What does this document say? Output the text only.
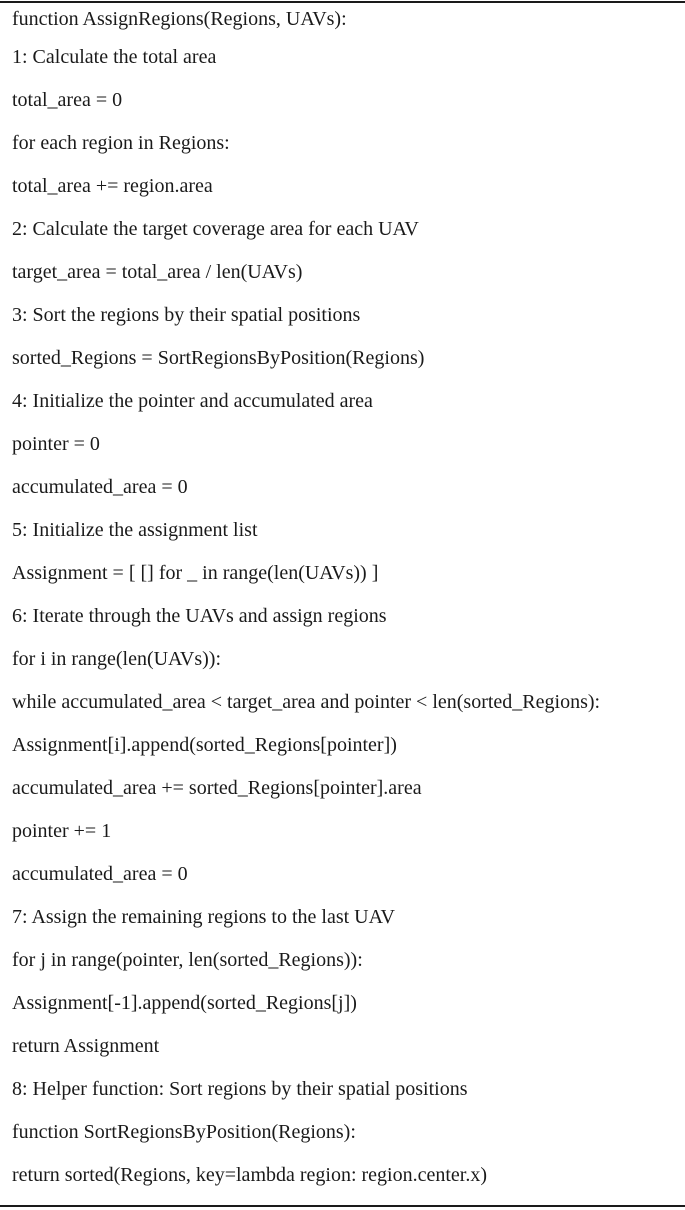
function AssignRegions(Regions, UAVs):
1: Calculate the total area
total_area = 0
for each region in Regions:
total_area += region.area
2: Calculate the target coverage area for each UAV
target_area = total_area / len(UAVs)
3: Sort the regions by their spatial positions
sorted_Regions = SortRegionsByPosition(Regions)
4: Initialize the pointer and accumulated area
pointer = 0
accumulated_area = 0
5: Initialize the assignment list
Assignment = [ [] for _ in range(len(UAVs)) ]
6: Iterate through the UAVs and assign regions
for i in range(len(UAVs)):
while accumulated_area < target_area and pointer < len(sorted_Regions):
Assignment[i].append(sorted_Regions[pointer])
accumulated_area += sorted_Regions[pointer].area
pointer += 1
accumulated_area = 0
7: Assign the remaining regions to the last UAV
for j in range(pointer, len(sorted_Regions)):
Assignment[-1].append(sorted_Regions[j])
return Assignment
8: Helper function: Sort regions by their spatial positions
function SortRegionsByPosition(Regions):
return sorted(Regions, key=lambda region: region.center.x)
